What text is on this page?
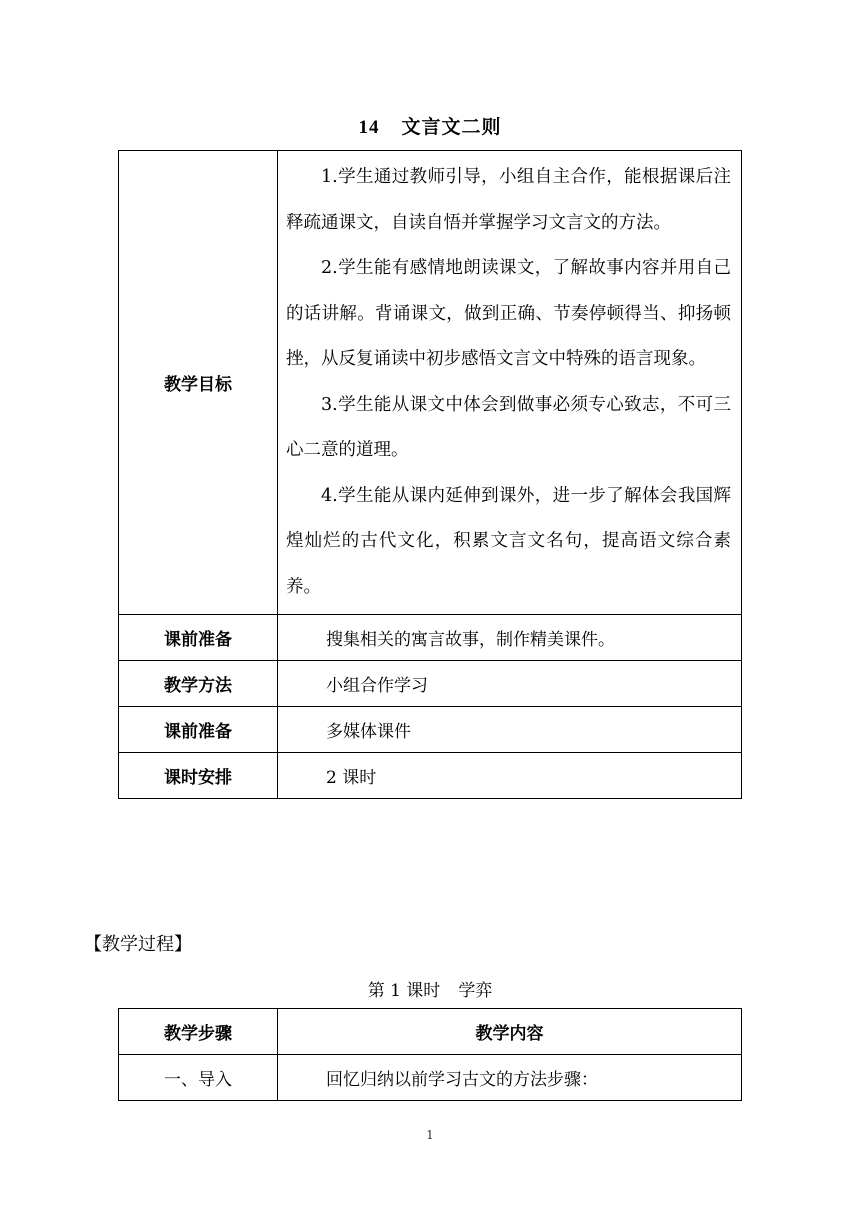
14 文言文二则
教学目标	1.学生通过教师引导，小组自主合作，能根据课后注释疏通课文，自读自悟并掌握学习文言文的方法。

2.学生能有感情地朗读课文，了解故事内容并用自己的话讲解。背诵课文，做到正确、节奏停顿得当、抑扬顿挫，从反复诵读中初步感悟文言文中特殊的语言现象。

3.学生能从课文中体会到做事必须专心致志，不可三心二意的道理。

4.学生能从课内延伸到课外，进一步了解体会我国辉煌灿烂的古代文化，积累文言文名句，提高语文综合素养。

课前准备	搜集相关的寓言故事，制作精美课件。
教学方法	小组合作学习
课前准备	多媒体课件
课时安排	2 课时
【教学过程】
第 1 课时 学弈
教学步骤	教学内容
一、导入	回忆归纳以前学习古文的方法步骤：
1
